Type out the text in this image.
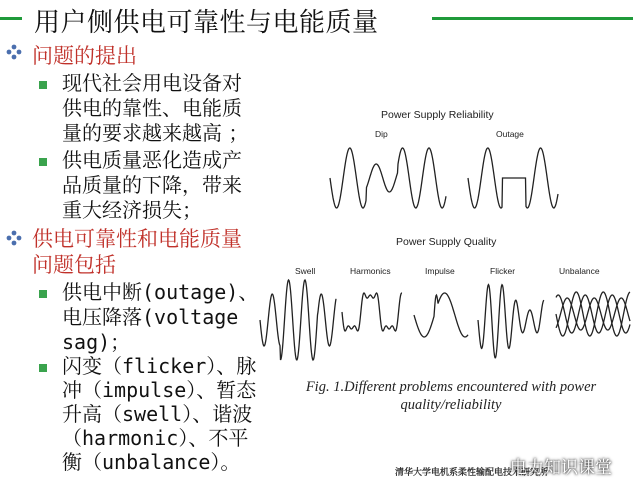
用户侧供电可靠性与电能质量
问题的提出
现代社会用电设备对
供电的靠性、电能质
量的要求越来越高 ；
供电质量恶化造成产
品质量的下降，带来
重大经济损失；
供电可靠性和电能质量
问题包括
供电中断(outage)、
电压降落(voltage
sag)；
闪变（flicker）、脉
冲（impulse）、暂态
升高（swell）、谐波
（harmonic）、不平
衡（unbalance）。
Power Supply Reliability
Dip	Outage
Power Supply Quality
Swell	Harmonics	Impulse	Flicker	Unbalance
Fig. 1.Different problems encountered with power
quality/reliability
清华大学电机系柔性输配电技术研究所
电力知识课堂
